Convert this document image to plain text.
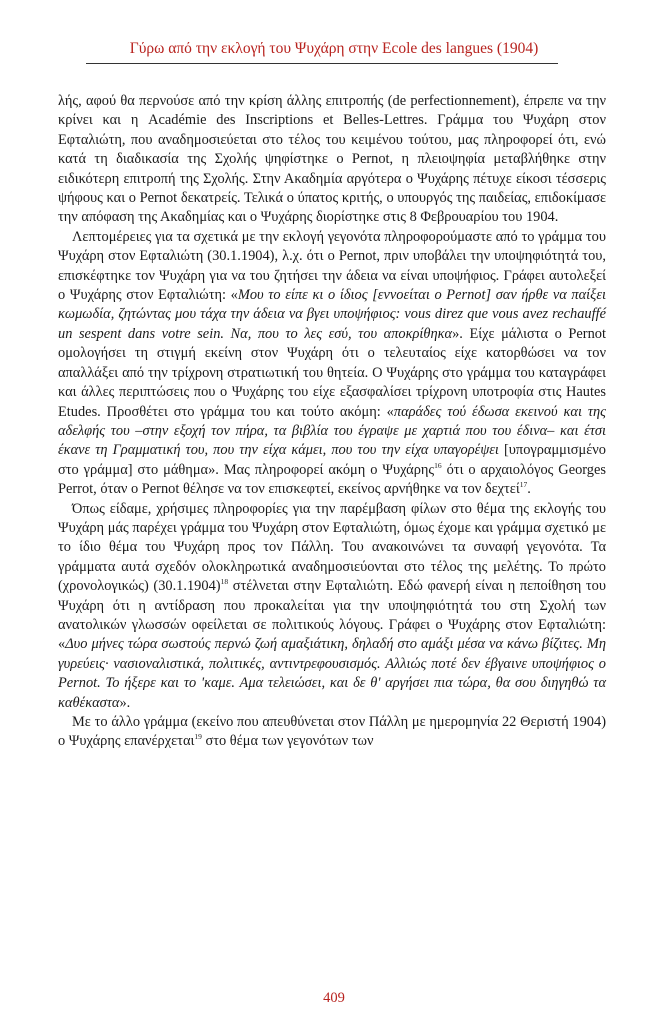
Γύρω από την εκλογή του Ψυχάρη στην Ecole des langues (1904)

λής, αφού θα περνούσε από την κρίση άλλης επιτροπής (de perfectionnement), έπρεπε να την κρίνει και η Académie des Inscriptions et Belles-Lettres. Γράμμα του Ψυχάρη στον Εφταλιώτη, που αναδημοσιεύεται στο τέλος του κειμένου τούτου, μας πληροφορεί ότι, ενώ κατά τη διαδικασία της Σχολής ψηφίστηκε ο Pernot, η πλειοψηφία μεταβλήθηκε στην ειδικότερη επιτροπή της Σχολής. Στην Ακαδημία αργότερα ο Ψυχάρης πέτυχε είκοσι τέσσερις ψήφους και ο Pernot δεκατρείς. Τελικά ο ύπατος κριτής, ο υπουργός της παιδείας, επιδοκίμασε την απόφαση της Ακαδημίας και ο Ψυχάρης διορίστηκε στις 8 Φεβρουαρίου του 1904.

Λεπτομέρειες για τα σχετικά με την εκλογή γεγονότα πληροφορούμαστε από το γράμμα του Ψυχάρη στον Εφταλιώτη (30.1.1904), λ.χ. ότι ο Pernot, πριν υποβάλει την υποψηφιότητά του, επισκέφτηκε τον Ψυχάρη για να του ζητήσει την άδεια να είναι υποψήφιος. Γράφει αυτολεξεί ο Ψυχάρης στον Εφταλιώτη: «Μου το είπε κι ο ίδιος [εννοείται ο Pernot] σαν ήρθε να παίξει κωμωδία, ζητώντας μου τάχα την άδεια να βγει υποψήφιος: vous direz que vous avez rechauffé un sespent dans votre sein. Να, που το λες εσύ, του αποκρίθηκα». Είχε μάλιστα ο Pernot ομολογήσει τη στιγμή εκείνη στον Ψυχάρη ότι ο τελευταίος είχε κατορθώσει να τον απαλλάξει από την τρίχρονη στρατιωτική του θητεία. Ο Ψυχάρης στο γράμμα του καταγράφει και άλλες περιπτώσεις που ο Ψυχάρης του είχε εξασφαλίσει τρίχρονη υποτροφία στις Hautes Etudes. Προσθέτει στο γράμμα του και τούτο ακόμη: «παράδες τού έδωσα εκεινού και της αδελφής του –στην εξοχή τον πήρα, τα βιβλία του έγραψε με χαρτιά που του έδινα– και έτσι έκανε τη Γραμματική του, που την είχα κάμει, που του την είχα υπαγορέψει [υπογραμμισμένο στο γράμμα] στο μάθημα». Μας πληροφορεί ακόμη ο Ψυχάρης$^{16}$ ότι ο αρχαιολόγος Georges Perrot, όταν ο Pernot θέλησε να τον επισκεφτεί, εκείνος αρνήθηκε να τον δεχτεί$^{17}$.

Όπως είδαμε, χρήσιμες πληροφορίες για την παρέμβαση φίλων στο θέμα της εκλογής του Ψυχάρη μάς παρέχει γράμμα του Ψυχάρη στον Εφταλιώτη, όμως έχομε και γράμμα σχετικό με το ίδιο θέμα του Ψυχάρη προς τον Πάλλη. Του ανακοινώνει τα συναφή γεγονότα. Τα γράμματα αυτά σχεδόν ολοκληρωτικά αναδημοσιεύονται στο τέλος της μελέτης. Το πρώτο (χρονολογικώς) $(30.1.1904)^{18}$ στέλνεται στην Εφταλιώτη. Εδώ φανερή είναι η πεποίθηση του Ψυχάρη ότι η αντίδραση που προκαλείται για την υποψηφιότητά του στη Σχολή των ανατολικών γλωσσών οφείλεται σε πολιτικούς λόγους. Γράφει ο Ψυχάρης στον Εφταλιώτη: «Δυο μήνες τώρα σωστούς περνώ ζωή αμαξιάτικη, δηλαδή στο αμάξι μέσα να κάνω βίζιτες. Μη γυρεύεις· νασιοναλιστικά, πολιτικές, αντιντρεφουσισμός. Αλλιώς ποτέ δεν έβγαινε υποψήφιος ο Pernot. Το ήξερε και το 'καμε. Αμα τελειώσει, και δε θ' αργήσει πια τώρα, θα σου διηγηθώ τα καθέκαστα».

Με το άλλο γράμμα (εκείνο που απευθύνεται στον Πάλλη με ημερομηνία 22 Θεριστή 1904) ο Ψυχάρης επανέρχεται$^{19}$ στο θέμα των γεγονότων των

409
